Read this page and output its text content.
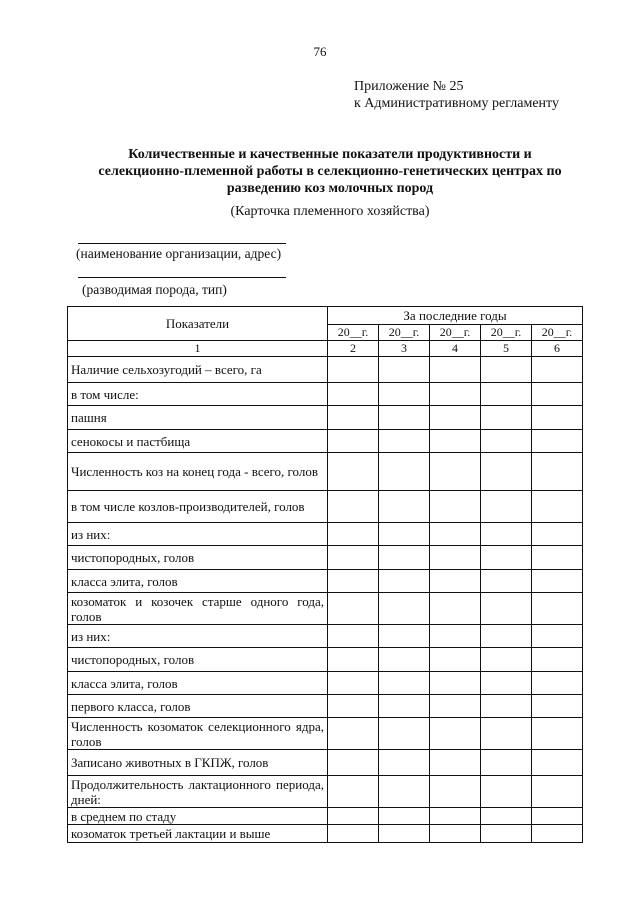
76
Приложение № 25
к Административному регламенту
Количественные и качественные показатели продуктивности и
селекционно-племенной работы в селекционно-генетических центрах по
разведению коз молочных пород
(Карточка племенного хозяйства)
(наименование организации, адрес)
(разводимая порода, тип)
Показатели	За последние годы				
	20__г.	20__г.	20__г.	20__г.	20__г.
1	2	3	4	5	6
Наличие сельхозугодий – всего, га					
в том числе:					
пашня					
сенокосы и пастбища					
Численность коз на конец года - всего, голов					
в том числе козлов-производителей, голов					
из них:					
чистопородных, голов					
класса элита, голов					
козоматок и козочек старше одного года, голов					
из них:					
чистопородных, голов					
класса элита, голов					
первого класса, голов					
Численность козоматок селекционного ядра, голов					
Записано животных в ГКПЖ, голов					
Продолжительность лактационного периода, дней:					
в среднем по стаду					
козоматок третьей лактации и выше					
